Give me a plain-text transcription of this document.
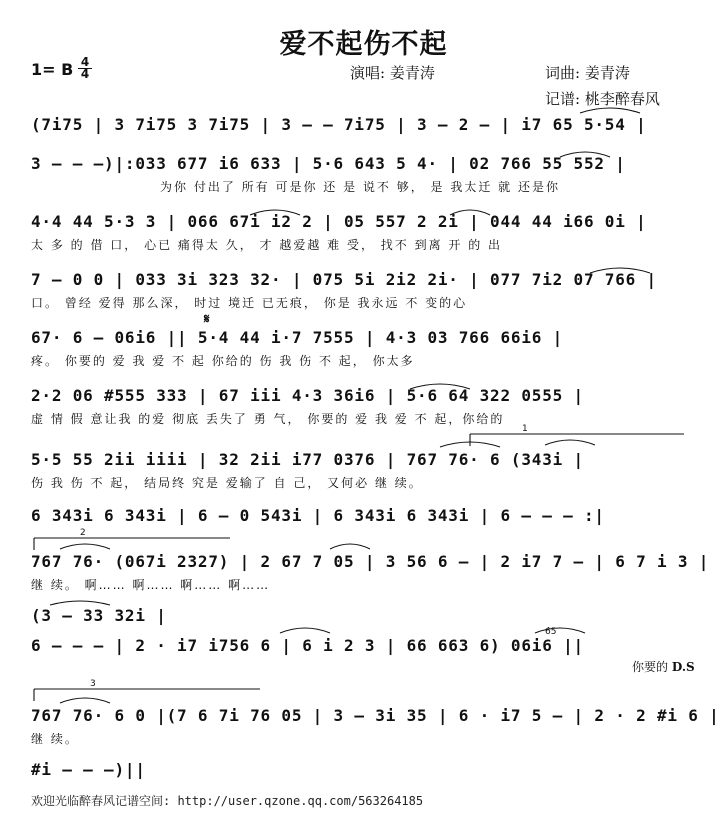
爱不起伤不起
1= B 4
4	演唱: 姜青涛	词曲: 姜青涛
记谱: 桃李醉春风
(7i75 | 3 7i75 3 7i75 | 3 – – 7i75 | 3 – 2 – | i7 65 5·54 |
3 – – –)|:033 677 i6 633 | 5·6 643 5 4· | 02 766 55 552 |
为你 付出了 所有 可是你 还 是 说不 够， 是 我太迁 就 还是你
4·4 44 5·3 3 | 066 67i i2 2 | 05 557 2 2i | 044 44 i66 0i |
太 多 的 借 口， 心已 痛得太 久， 才 越爱越 难 受， 找不 到离 开 的 出
7 – 0 0 | 033 3i 323 32· | 075 5i 2i2 2i· | 077 7i2 07 766 |
口。 曾经 爱得 那么深， 时过 境迁 已无痕， 你是 我永远 不 变的心
𝄋
67· 6 – 06i6 || 5·4 44 i·7 7555 | 4·3 03 766 66i6 |
疼。 你要的 爱 我 爱 不 起 你给的 伤 我 伤 不 起， 你太多
2·2 06 #555 333 | 67 iii 4·3 36i6 | 5·6 64 322 0555 |
虚 情 假 意让我 的爱 彻底 丢失了 勇 气， 你要的 爱 我 爱 不 起，你给的
5·5 55 2ii iiii | 32 2ii i77 0376 | 767 76· 6 (343i |
伤 我 伤 不 起， 结局终 究是 爱输了 自 己， 又何必 继 续。
6 343i 6 343i | 6 – 0 543i | 6 343i 6 343i | 6 – – – :|
767 76· (067i 2327) | 2 67 7 05 | 3 56 6 – | 2 i7 7 – | 6 7 i 3 |
继 续。 啊…… 啊…… 啊…… 啊……
(3 – 33 32i |
6 – – – | 2 · i7 i756 6 | 6 i 2 3 | 66 663 6) 06i6 ||
你要的 D.S
767 76· 6 0 |(7 6 7i 76 05 | 3 – 3i 35 | 6 · i7 5 – | 2 · 2 #i 6 |
继 续。
#i – – –)||
欢迎光临醉春风记谱空间: http://user.qzone.qq.com/563264185
1
2
3
6̇5
